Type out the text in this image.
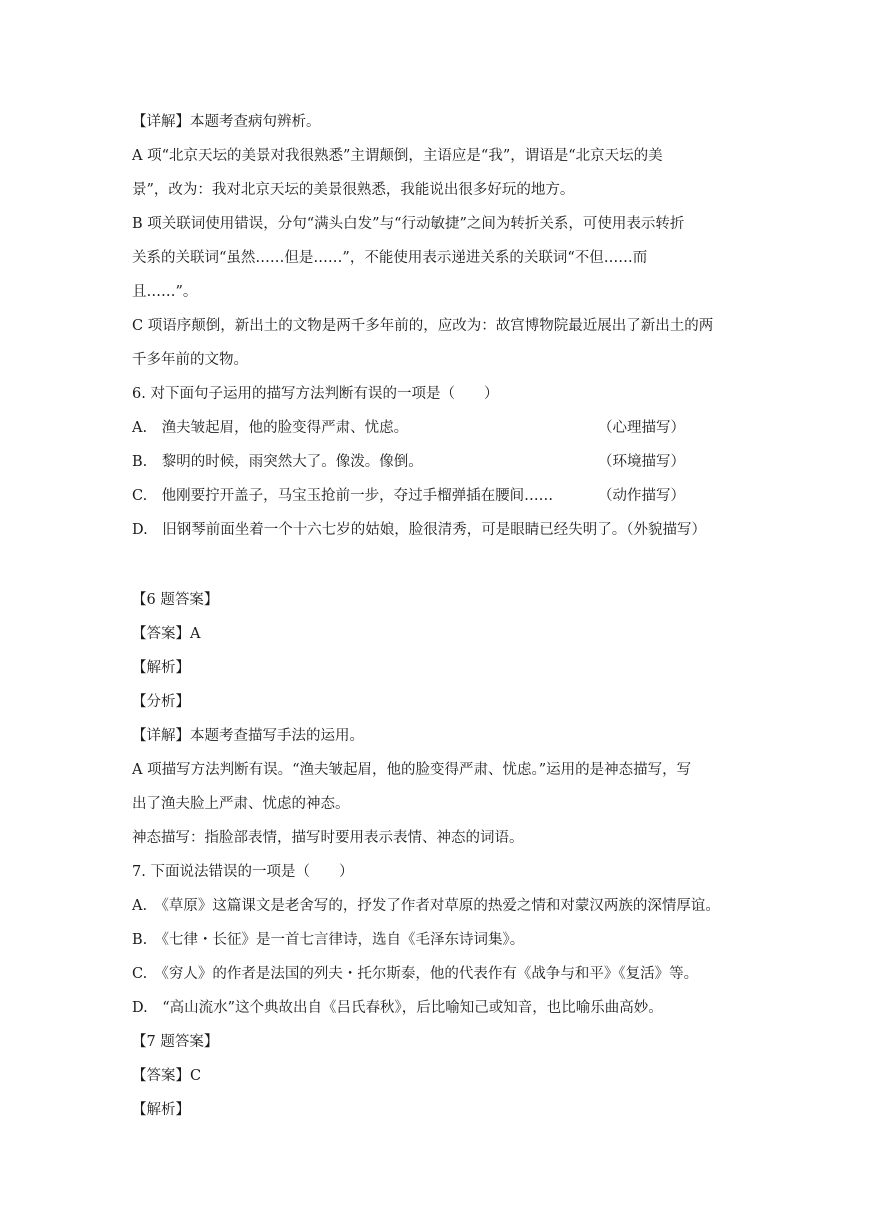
【详解】本题考查病句辨析。
A 项“北京天坛的美景对我很熟悉”主谓颠倒，主语应是“我”，谓语是“北京天坛的美
景”，改为：我对北京天坛的美景很熟悉，我能说出很多好玩的地方。
B 项关联词使用错误，分句“满头白发”与“行动敏捷”之间为转折关系，可使用表示转折
关系的关联词“虽然……但是……”，不能使用表示递进关系的关联词“不但……而
且……”。
C 项语序颠倒，新出土的文物是两千多年前的，应改为：故宫博物院最近展出了新出土的两
千多年前的文物。
6. 对下面句子运用的描写方法判断有误的一项是（　　）
A.　渔夫皱起眉，他的脸变得严肃、忧虑。	（心理描写）
B.　黎明的时候，雨突然大了。像泼。像倒。	（环境描写）
C.　他刚要拧开盖子，马宝玉抢前一步，夺过手榴弹插在腰间……	（动作描写）
D.　旧钢琴前面坐着一个十六七岁的姑娘，脸很清秀，可是眼睛已经失明了。（外貌描写）
【6 题答案】
【答案】A
【解析】
【分析】
【详解】本题考查描写手法的运用。
A 项描写方法判断有误。“渔夫皱起眉，他的脸变得严肃、忧虑。”运用的是神态描写，写
出了渔夫脸上严肃、忧虑的神态。
神态描写：指脸部表情，描写时要用表示表情、神态的词语。
7. 下面说法错误的一项是（　　）
A.　《草原》这篇课文是老舍写的，抒发了作者对草原的热爱之情和对蒙汉两族的深情厚谊。
B.　《七律・长征》是一首七言律诗，选自《毛泽东诗词集》。
C.　《穷人》的作者是法国的列夫・托尔斯泰，他的代表作有《战争与和平》《复活》等。
D.　“高山流水”这个典故出自《吕氏春秋》，后比喻知己或知音，也比喻乐曲高妙。
【7 题答案】
【答案】C
【解析】
